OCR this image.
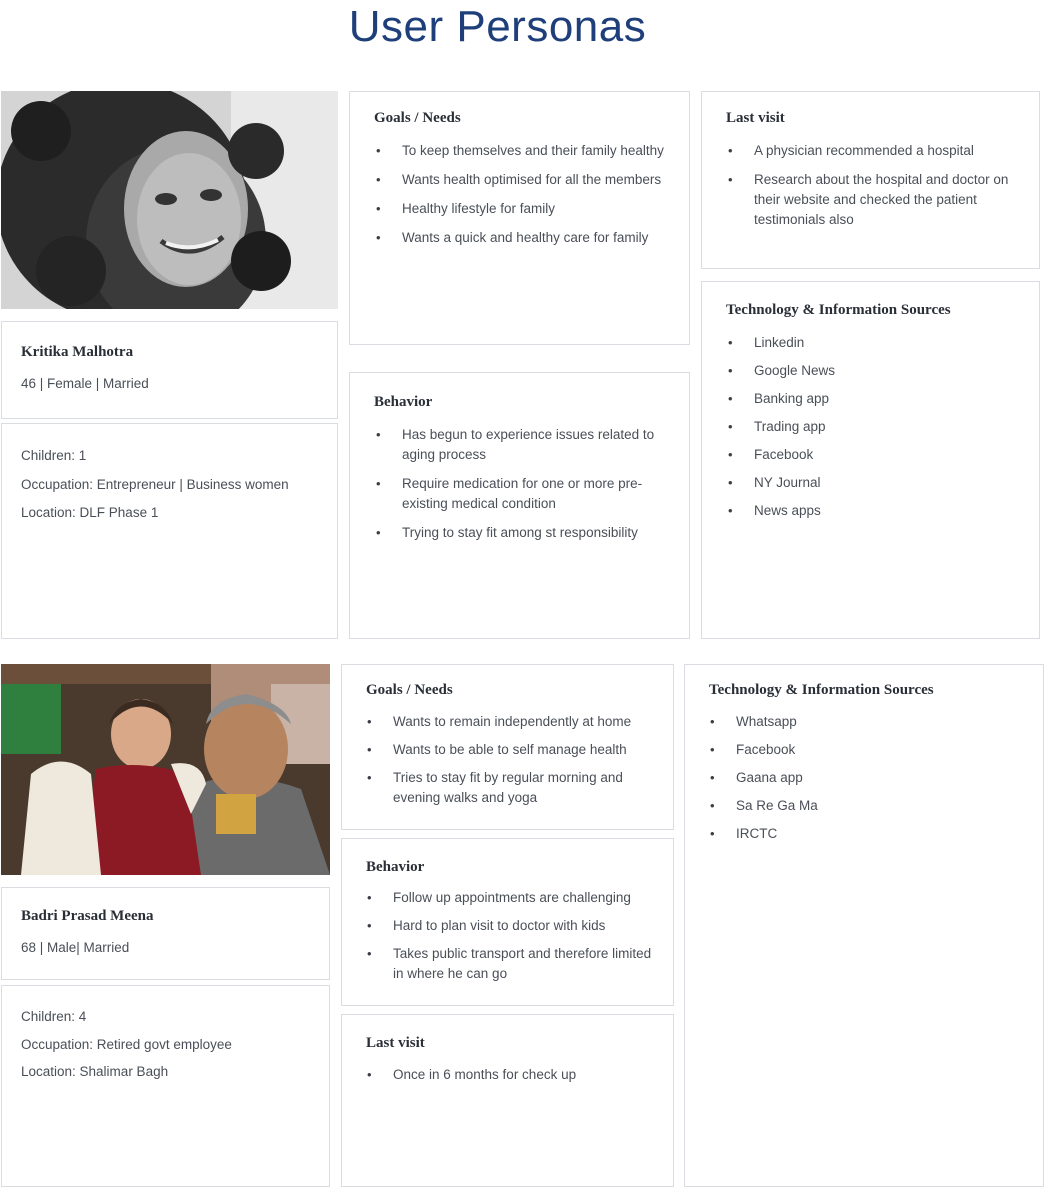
User Personas
Kritika Malhotra
46 | Female | Married
Children: 1
Occupation: Entrepreneur | Business women
Location: DLF Phase 1
Goals / Needs
• To keep themselves and their family healthy
• Wants health optimised for all the members
• Healthy lifestyle for family
• Wants a quick and healthy care for family
Behavior
• Has begun to experience issues related to aging process
• Require medication for one or more pre-existing medical condition
• Trying to stay fit among st responsibility
Last visit
• A physician recommended a hospital
• Research about the hospital and doctor on their website and checked the patient testimonials also
Technology & Information Sources
• Linkedin
• Google News
• Banking app
• Trading app
• Facebook
• NY Journal
• News apps
Badri Prasad Meena
68 | Male| Married
Children: 4
Occupation: Retired govt employee
Location: Shalimar Bagh
Goals / Needs
• Wants to remain independently at home
• Wants to be able to self manage health
• Tries to stay fit by regular morning and evening walks and yoga
Behavior
• Follow up appointments are challenging
• Hard to plan visit to doctor with kids
• Takes public transport and therefore limited in where he can go
Last visit
• Once in 6 months for check up
Technology & Information Sources
• Whatsapp
• Facebook
• Gaana app
• Sa Re Ga Ma
• IRCTC
